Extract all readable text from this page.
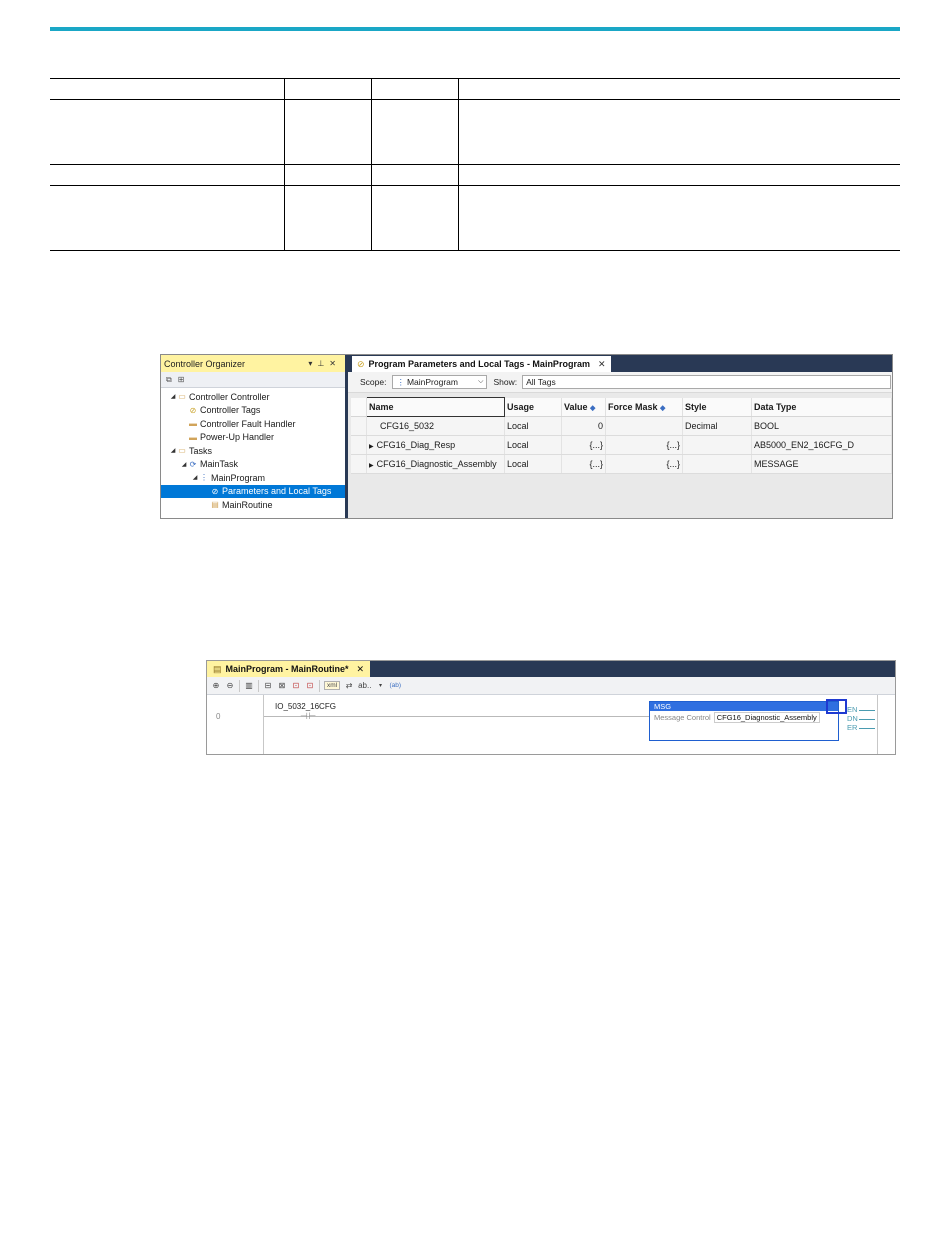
Controller Organizer	▾⊥✕
⧉ ⊞
◢ ▭ Controller Controller
⊘ Controller Tags
▬ Controller Fault Handler
▬ Power-Up Handler
◢ ▭ Tasks
◢ ⟳ MainTask
◢ ⋮ MainProgram
⊘ Parameters and Local Tags
▤ MainRoutine
⊘ Program Parameters and Local Tags - MainProgram ✕
Scope: ⋮ MainProgram	⌵ Show: All Tags
	Name	Usage	Value ◆	Force Mask ◆	Style	Data Type
	CFG16_5032	Local	0		Decimal	BOOL
	▶ CFG16_Diag_Resp	Local	{...}	{...}		AB5000_EN2_16CFG_D
	▶ CFG16_Diagnostic_Assembly	Local	{...}	{...}		MESSAGE
▤ MainProgram - MainRoutine* ✕
⊕ ⊖ ▥ ⊟ ⊠ ⊡ ⊡	xml	⇄ ab..	▾	(ab)
0
IO_5032_16CFG
⊣ ⊢
MSG
Message Control CFG16_Diagnostic_Assembly
EN
DN
ER
